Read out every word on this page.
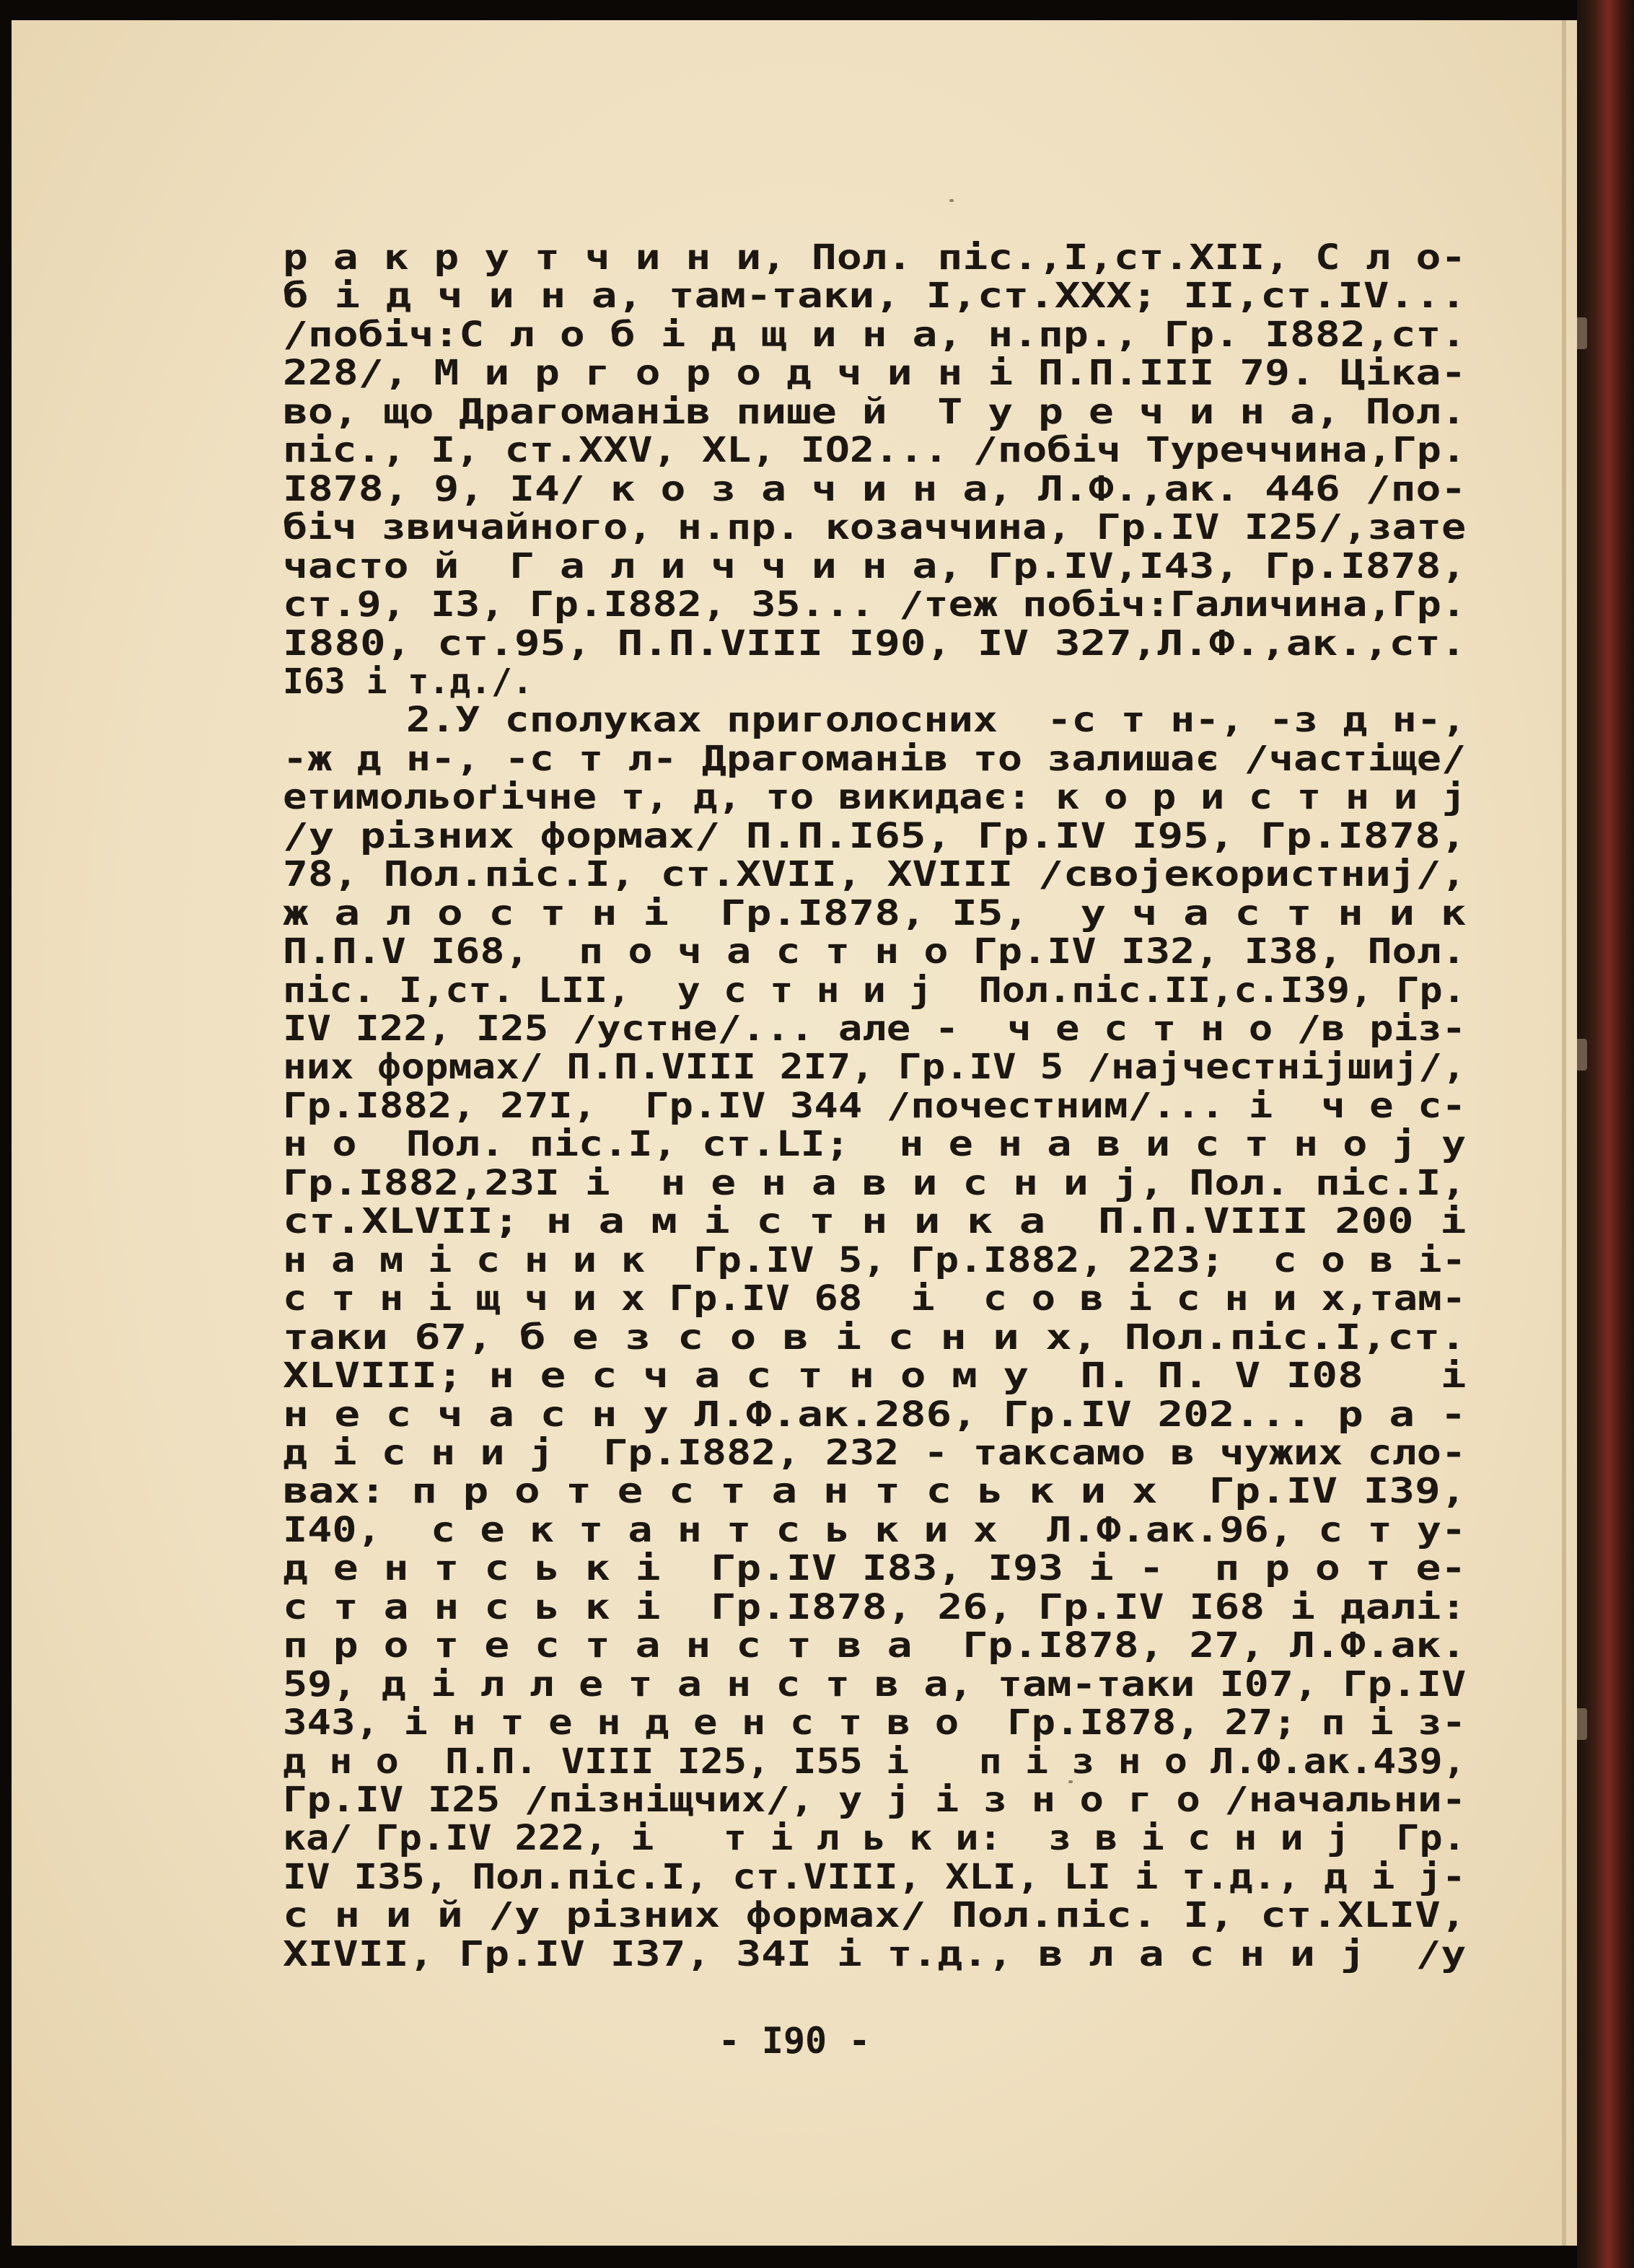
р а к р у т ч и н и, Пол. пic.,I,ст.XII, С л о-
б i д ч и н а, там-таки, I,ст.XXX; II,ст.IV...
/побiч:С л о б i д щ и н а, н.пр., Гр. I882,ст.
228/, М и р г о р о д ч и н i П.П.III 79. Цiка-
во, що Драгоманiв пише й  Т у р е ч и н а, Пол.
пic., I, ст.XXV, XL, IO2... /побiч Туреччина,Гр.
I878, 9, I4/ к о з а ч и н а, Л.Ф.,ак. 446 /по-
бiч звичайного, н.пр. козаччина, Гр.IV I25/,зате
часто й  Г а л и ч ч и н а, Гр.IV,I43, Гр.I878,
ст.9, I3, Гр.I882, 35... /теж побiч:Галичина,Гр.
I880, ст.95, П.П.VIII I90, IV 327,Л.Ф.,ак.,ст.
I63 i т.д./.
2.У сполуках приголосних  -с т н-, -з д н-,
-ж д н-, -с т л- Драгоманiв то залишає /частiще/
етимольоґiчне т, д, то викидає: к о р и с т н и ј
/у рiзних формах/ П.П.I65, Гр.IV I95, Гр.I878,
78, Пол.пic.I, ст.XVII, XVIII /својекористниј/,
ж а л о с т н i  Гр.I878, I5,  у ч а с т н и к
П.П.V I68,  п о ч а с т н о Гр.IV I32, I38, Пол.
пic. I,ст. LII,  у с т н и ј  Пол.пic.II,c.I39, Гр.
IV I22, I25 /устне/... але -  ч е с т н о /в рiз-
них формах/ П.П.VIII 2I7, Гр.IV 5 /најчестнiјшиј/,
Гр.I882, 27I,  Гр.IV 344 /почестним/... i  ч е с-
н о  Пол. пic.I, ст.LI;  н е н а в и с т н о ј у
Гр.I882,23I i  н е н а в и с н и ј, Пол. пic.I,
ст.XLVII; н а м i с т н и к а  П.П.VIII 200 i
н а м i с н и к  Гр.IV 5, Гр.I882, 223;  с о в i-
с т н i щ ч и х Гр.IV 68  i  с о в i с н и х,там-
таки 67, б е з с о в i с н и х, Пол.пic.I,ст.
XLVIII; н е с ч а с т н о м у  П. П. V I08   i
н е с ч а с н у Л.Ф.ак.286, Гр.IV 202... р а -
д i с н и ј  Гр.I882, 232 - таксамо в чужих сло-
вах: п р о т е с т а н т с ь к и х  Гр.IV I39,
I40,  с е к т а н т с ь к и х  Л.Ф.ак.96, с т у-
д е н т с ь к i  Гр.IV I83, I93 i -  п р о т е-
с т а н с ь к i  Гр.I878, 26, Гр.IV I68 i далi:
п р о т е с т а н с т в а  Гр.I878, 27, Л.Ф.ак.
59, д i л л е т а н с т в а, там-таки I07, Гр.IV
343, i н т е н д е н с т в о  Гр.I878, 27; п i з-
д н о  П.П. VIII I25, I55 i   п i з н о Л.Ф.ак.439,
Гр.IV I25 /пiзнiщчих/, у ј i з н о г о /начальни-
ка/ Гр.IV 222, i   т i л ь к и:  з в i с н и ј  Гр.
IV I35, Пол.пic.I, ст.VIII, XLI, LI i т.д., д i ј-
с н и й /у рiзних формах/ Пол.пic. I, ст.XLIV,
XIVII, Гр.IV I37, 34I i т.д., в л а с н и ј  /у
- I90 -
